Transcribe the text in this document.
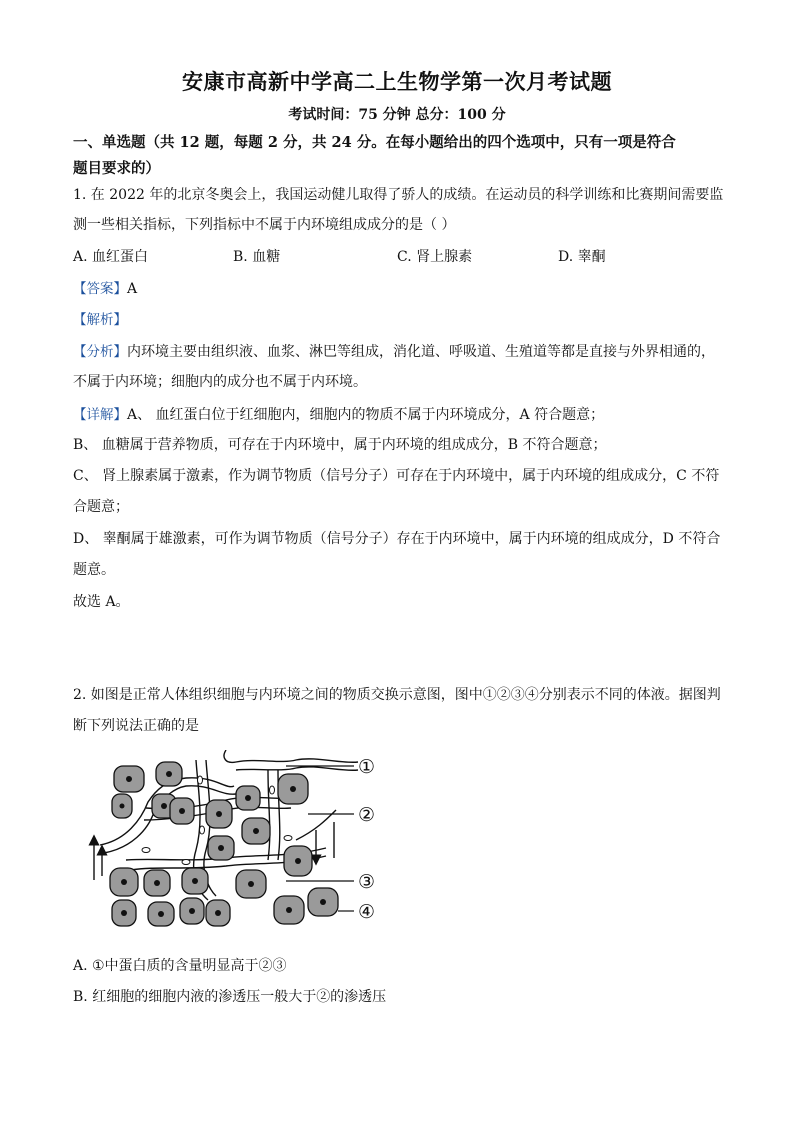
安康市高新中学高二上生物学第一次月考试题
考试时间：75 分钟 总分：100 分
一、单选题（共 12 题，每题 2 分，共 24 分。在每小题给出的四个选项中，只有一项是符合
题目要求的）
1. 在 2022 年的北京冬奥会上，我国运动健儿取得了骄人的成绩。在运动员的科学训练和比赛期间需要监
测一些相关指标，下列指标中不属于内环境组成成分的是（ ）
A. 血红蛋白	B. 血糖	C. 肾上腺素	D. 睾酮
【答案】A
【解析】
【分析】内环境主要由组织液、血浆、淋巴等组成，消化道、呼吸道、生殖道等都是直接与外界相通的，
不属于内环境；细胞内的成分也不属于内环境。
【详解】A、 血红蛋白位于红细胞内，细胞内的物质不属于内环境成分，A 符合题意；
B、 血糖属于营养物质，可存在于内环境中，属于内环境的组成成分，B 不符合题意；
C、 肾上腺素属于激素，作为调节物质（信号分子）可存在于内环境中，属于内环境的组成成分，C 不符
合题意；
D、 睾酮属于雄激素，可作为调节物质（信号分子）存在于内环境中，属于内环境的组成成分，D 不符合
题意。
故选 A。
2. 如图是正常人体组织细胞与内环境之间的物质交换示意图，图中①②③④分别表示不同的体液。据图判
断下列说法正确的是
①
②
③
④
A. ①中蛋白质的含量明显高于②③
B. 红细胞的细胞内液的渗透压一般大于②的渗透压
